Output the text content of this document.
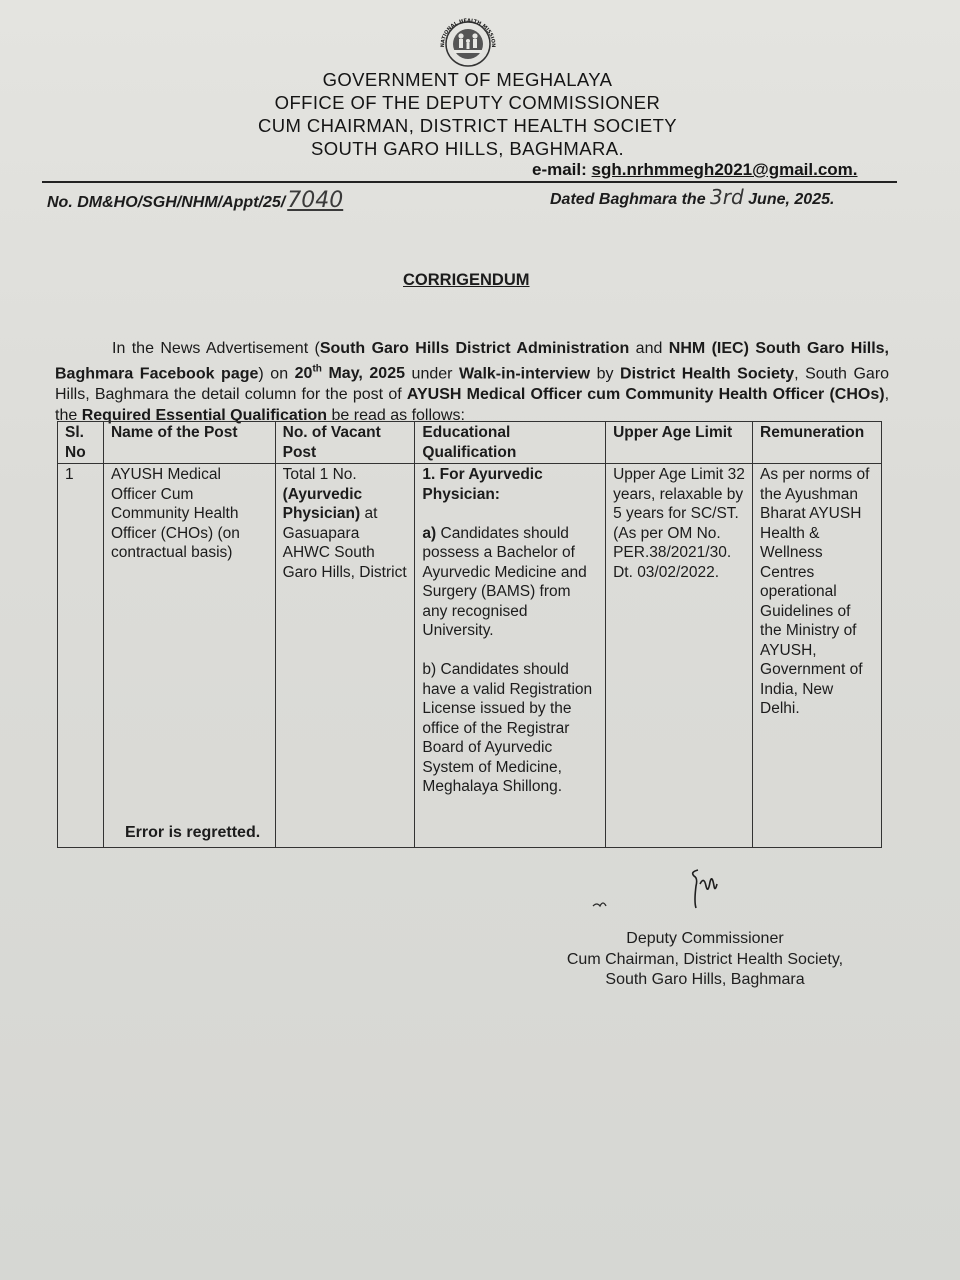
NATIONAL HEALTH MISSION
GOVERNMENT OF MEGHALAYA
OFFICE OF THE DEPUTY COMMISSIONER
CUM CHAIRMAN, DISTRICT HEALTH SOCIETY
SOUTH GARO HILLS, BAGHMARA.
e-mail: sgh.nrhmmegh2021@gmail.com.
No. DM&HO/SGH/NHM/Appt/25/7040	Dated Baghmara the 3rd June, 2025.
CORRIGENDUM
In the News Advertisement (South Garo Hills District Administration and NHM (IEC) South Garo Hills, Baghmara Facebook page) on 20th May, 2025 under Walk-in-interview by District Health Society, South Garo Hills, Baghmara the detail column for the post of AYUSH Medical Officer cum Community Health Officer (CHOs), the Required Essential Qualification be read as follows:
Sl. No	Name of the Post	No. of Vacant Post	Educational Qualification	Upper Age Limit	Remuneration
1	AYUSH Medical Officer Cum Community Health Officer (CHOs) (on contractual basis)	Total 1 No.
(Ayurvedic Physician) at Gasuapara AHWC South Garo Hills, District	1. For Ayurvedic Physician:

a) Candidates should possess a Bachelor of Ayurvedic Medicine and Surgery (BAMS) from any recognised University.

b) Candidates should have a valid Registration License issued by the office of the Registrar Board of Ayurvedic System of Medicine, Meghalaya Shillong.	Upper Age Limit 32 years, relaxable by 5 years for SC/ST. (As per OM No. PER.38/2021/30. Dt. 03/02/2022.	As per norms of the Ayushman Bharat AYUSH Health & Wellness Centres operational Guidelines of the Ministry of AYUSH, Government of India, New Delhi.
Error is regretted.
Deputy Commissioner
Cum Chairman, District Health Society,
South Garo Hills, Baghmara
